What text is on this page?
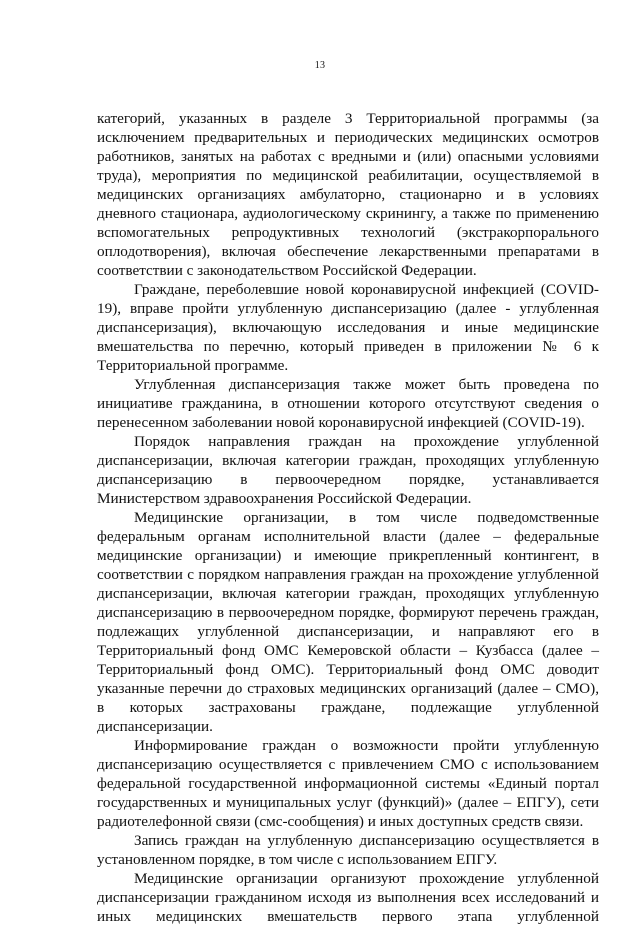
13

категорий, указанных в разделе 3 Территориальной программы (за исключением предварительных и периодических медицинских осмотров работников, занятых на работах с вредными и (или) опасными условиями труда), мероприятия по медицинской реабилитации, осуществляемой в медицинских организациях амбулаторно, стационарно и в условиях дневного стационара, аудиологическому скринингу, а также по применению вспомогательных репродуктивных технологий (экстракорпорального оплодотворения), включая обеспечение лекарственными препаратами в соответствии с законодательством Российской Федерации.

Граждане, переболевшие новой коронавирусной инфекцией (COVID-19), вправе пройти углубленную диспансеризацию (далее - углубленная диспансеризация), включающую исследования и иные медицинские вмешательства по перечню, который приведен в приложении № 6 к Территориальной программе.

Углубленная диспансеризация также может быть проведена по инициативе гражданина, в отношении которого отсутствуют сведения о перенесенном заболевании новой коронавирусной инфекцией (COVID-19).

Порядок направления граждан на прохождение углубленной диспансеризации, включая категории граждан, проходящих углубленную диспансеризацию в первоочередном порядке, устанавливается Министерством здравоохранения Российской Федерации.

Медицинские организации, в том числе подведомственные федеральным органам исполнительной власти (далее – федеральные медицинские организации) и имеющие прикрепленный контингент, в соответствии с порядком направления граждан на прохождение углубленной диспансеризации, включая категории граждан, проходящих углубленную диспансеризацию в первоочередном порядке, формируют перечень граждан, подлежащих углубленной диспансеризации, и направляют его в Территориальный фонд ОМС Кемеровской области – Кузбасса (далее – Территориальный фонд ОМС). Территориальный фонд ОМС доводит указанные перечни до страховых медицинских организаций (далее – СМО), в которых застрахованы граждане, подлежащие углубленной диспансеризации.

Информирование граждан о возможности пройти углубленную диспансеризацию осуществляется с привлечением СМО с использованием федеральной государственной информационной системы «Единый портал государственных и муниципальных услуг (функций)» (далее – ЕПГУ), сети радиотелефонной связи (смс-сообщения) и иных доступных средств связи.

Запись граждан на углубленную диспансеризацию осуществляется в установленном порядке, в том числе с использованием ЕПГУ.

Медицинские организации организуют прохождение углубленной диспансеризации гражданином исходя из выполнения всех исследований и иных медицинских вмешательств первого этапа углубленной
